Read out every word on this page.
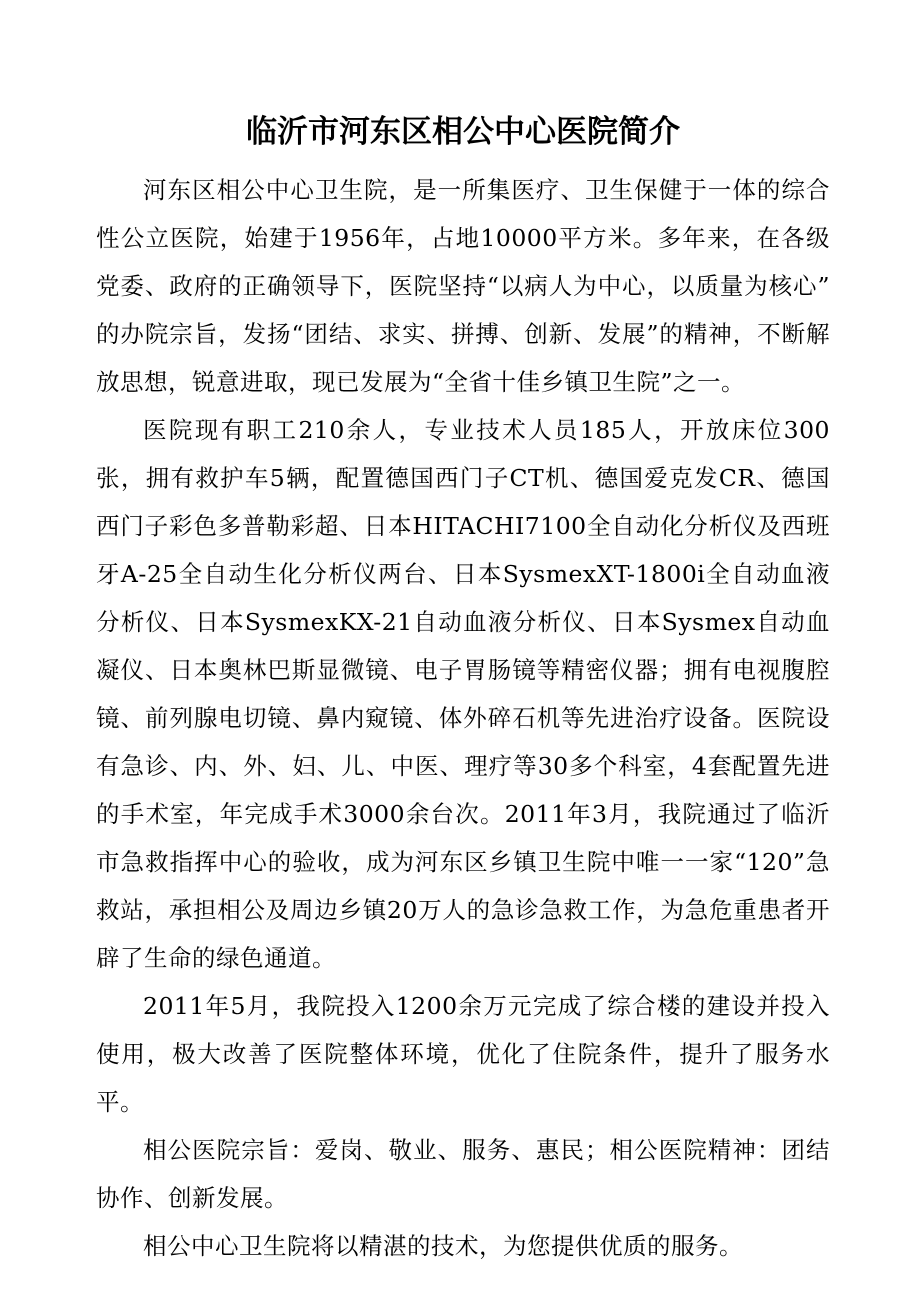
临沂市河东区相公中心医院简介

河东区相公中心卫生院，是一所集医疗、卫生保健于一体的综合性公立医院，始建于1956年，占地10000平方米。多年来，在各级党委、政府的正确领导下，医院坚持“以病人为中心，以质量为核心” 的办院宗旨，发扬“团结、求实、拼搏、创新、发展”的精神，不断解放思想，锐意进取，现已发展为“全省十佳乡镇卫生院”之一。

医院现有职工210余人，专业技术人员185人，开放床位300张，拥有救护车5辆，配置德国西门子CT机、德国爱克发CR、德国西门子彩色多普勒彩超、日本HITACHI7100全自动化分析仪及西班牙A-25全自动生化分析仪两台、日本SysmexXT-1800i全自动血液分析仪、日本SysmexKX-21自动血液分析仪、日本Sysmex自动血凝仪、日本奥林巴斯显微镜、电子胃肠镜等精密仪器；拥有电视腹腔镜、前列腺电切镜、鼻内窥镜、体外碎石机等先进治疗设备。医院设有急诊、内、外、妇、儿、中医、理疗等30多个科室，4套配置先进的手术室，年完成手术3000余台次。2011年3月，我院通过了临沂市急救指挥中心的验收，成为河东区乡镇卫生院中唯一一家“120”急救站，承担相公及周边乡镇20万人的急诊急救工作，为急危重患者开辟了生命的绿色通道。

2011年5月，我院投入1200余万元完成了综合楼的建设并投入使用，极大改善了医院整体环境，优化了住院条件，提升了服务水平。

相公医院宗旨：爱岗、敬业、服务、惠民；相公医院精神：团结协作、创新发展。

相公中心卫生院将以精湛的技术，为您提供优质的服务。
